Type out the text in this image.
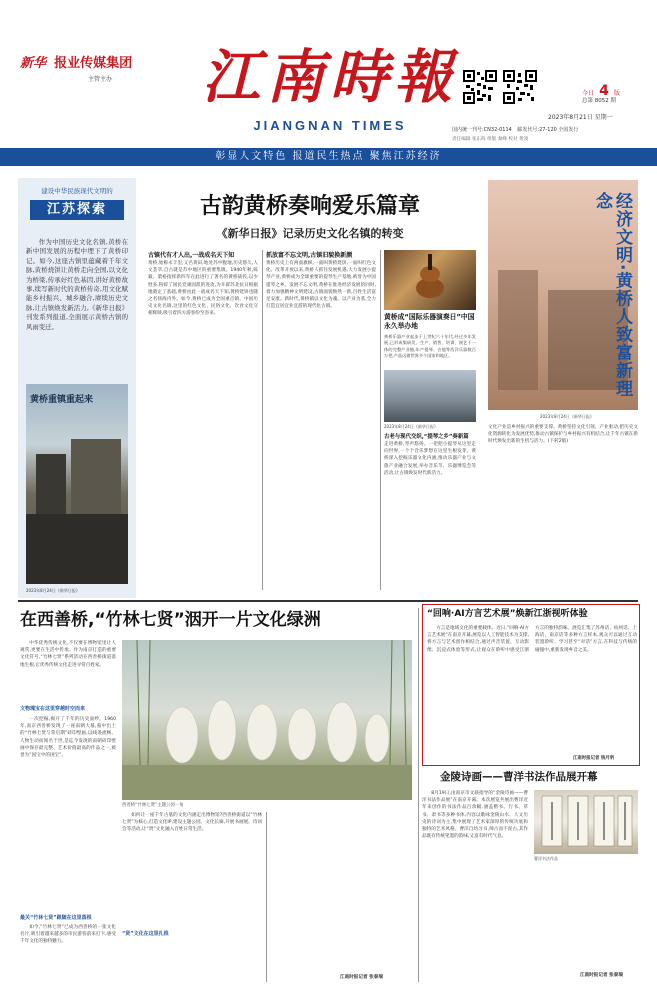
新华 报业传媒集团
主管主办 江南時報
JIANGNAN TIMES
今日 4 版
总第 8052 期
2023年8月21日 星期一
国内统一刊号:CN32-0114 邮发代号:27-120 全国发行
责任编辑 张东海 组版 秦峰 校对 黄凌
彰显人文特色 报道民生热点 聚焦江苏经济
建设中华民族现代文明的
江苏探索
作为中国历史文化名镇,黄桥在新中国发展的历程中埋下了黄桥印记。如今,这座古镇里蕴藏着千年文脉,黄桥烧饼让黄桥走向全国,以文化为桥梁,传承好红色基因,讲好黄桥故事,续写新时代的黄桥传奇,用文化赋能乡村振兴、城乡融合,赓续历史文脉,让古镇焕发新活力,《新华日报》刊发系列报道,全面展示黄桥古镇的风雨变迁。
黄桥重镇重起来
2023年8月24日《新华日报》
古韵黄桥奏响爱乐篇章
《新华日报》记录历史文化名镇的转变
古镇代有才人出,一战成名天下知
黄桥,始称永丰里,又名黄田,地处苏中腹地,历史悠久,人文荟萃,自古就是苏中地区的重要集镇。1940年秋,陈毅、粟裕指挥新四军在此进行了著名的黄桥战役,以少胜多,粉碎了国民党顽固派的进攻,为开辟苏北抗日根据地奠定了基础,黄桥由此一战成名天下知,黄桥烧饼也随之名扬海内外。如今,黄桥已成为全国重点镇、中国历史文化名镇,这里的红色文化、民俗文化、饮食文化交相辉映,吸引着四方游客纷至沓来。
抓放富不忘文明,古镇旧貌换新颜
黄桥历史上有两面旗帜,一面叫黄桥烧饼,一面叫红色文化。改革开放以来,黄桥人抓住发展机遇,大力发展小提琴产业,黄桥成为全球重要的提琴生产基地,被誉为中国提琴之乡。发展不忘文明,黄桥在推进经济发展的同时,着力加强精神文明建设,古镇面貌焕然一新,百姓生活富足安康。新时代,黄桥镇以文化为魂、以产业为基,全力打造宜居宜业宜游的现代化古镇。
黄桥成“国际乐器演奏日”中国永久举办地
黄桥乐器产业起步于上世纪六十年代,经过多年发展,已形成集研发、生产、销售、培训、演艺于一体的完整产业链,年产提琴、吉他等西洋乐器数百万把,产品远销世界多个国家和地区。
2023年8月24日《新华日报》
古老与现代交织,“提琴之乡”奏新篇
走进黄桥,琴声悠扬。一把把小提琴从这里走向世界,一个个音乐梦想在这里生根发芽。黄桥深入挖掘乐器文化内涵,推动乐器产业与文旅产业融合发展,举办音乐节、乐器博览会等活动,让古镇焕发时代新活力。
经济文明·黄桥人致富新理念
2023年8月24日《新华日报》
文化产业是乡村振兴的重要支撑。黄桥坚持文化引领、产业驱动,把历史文化资源转化为发展优势,推动古镇保护与乡村振兴有机结合,让千年古镇在新时代焕发出新的生机与活力。(下转2版)
在西善桥,“竹林七贤”洇开一片文化绿洲
中华优秀传统文化,不仅要在博物馆里让人观赏,更要在生活中传承。作为南京打造的重要文化符号,“竹林七贤”系列活动在西善桥街道落地生根,让优秀传统文化走进寻常百姓家。
文物瑰宝在这里穿越时空而来
一次挖掘,揭开了千年的历史面纱。1960年,南京西善桥发现了一座南朝大墓,墓中出土的“竹林七贤与荣启期”砖印壁画,以线条流畅、人物生动而闻名于世,是迄今发现的南朝砖印壁画中保存最完整、艺术价值最高的作品之一,被誉为“国宝中的国宝”。
最关“竹林七贤”跟随在这里落根
如今,“竹林七贤”已成为西善桥的一张文化名片,吸引着越来越多的市民游客前来打卡,感受千年文化的独特魅力。
西善桥“竹林七贤”主题公园一角
如何让一座千年古墓的文化内涵走出博物馆?西善桥街道以“竹林七贤”为核心,打造文化IP,建设主题公园、文化长廊,开展书画展、诗词会等活动,让“贤”文化融入百姓日常生活。
“贤”文化在这里扎根
江南时报记者 张泰瑞
“回响·AI方言艺术展”焕新江浙视听体验
方言是地域文化的重要载体。近日,“回响·AI方言艺术展”在南京开幕,展览以人工智能技术为支撑,将方言与艺术创作相结合,通过声音装置、互动影像、沉浸式体验等形式,让观众在聆听中感受江浙方言的独特韵味。展览汇集了苏州话、杭州话、上海话、南京话等多种方言样本,观众可以通过互动装置聆听、学习甚至“对话”方言,在科技与传统的碰撞中,重新发现乡音之美。
江南时报记者 钱月明
金陵诗画——曹洋书法作品展开幕
8月19日,由南京市文联指导的“金陵诗画——曹洋书法作品展”在南京开幕。本次展览共展出曹洋近年来创作的书法作品百余幅,涵盖楷书、行书、草书、隶书等多种书体,内容以歌咏金陵山水、人文历史的诗词为主,集中展现了艺术家深厚的传统功底和独特的艺术风格。曹洋自幼习书,师古而不泥古,其作品既有传统笔墨的韵味,又富有时代气息。
曹洋书法作品
江南时报记者 张泰瑞
